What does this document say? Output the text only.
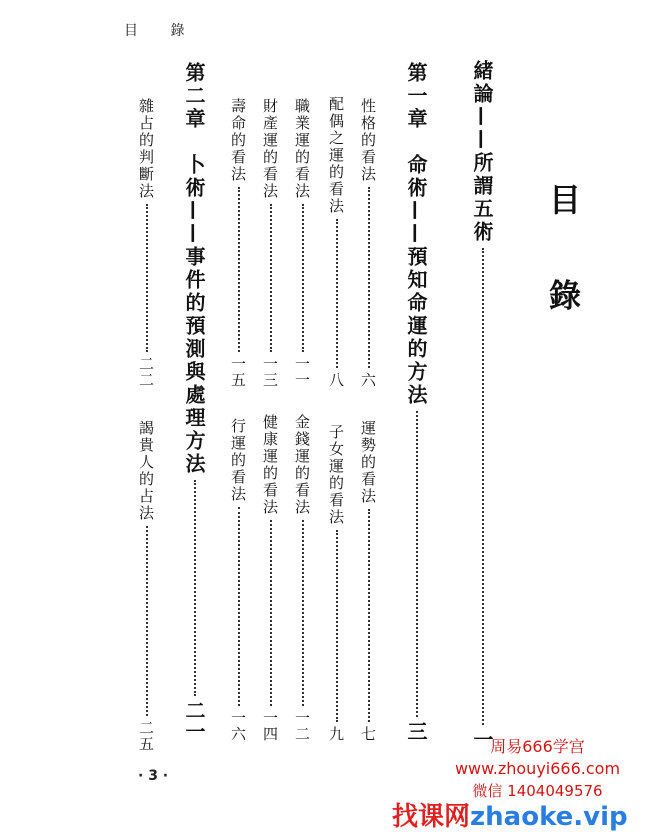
目 錄
目 錄
緒論——所謂五術
一
第一章　命術——預知命運的方法
三
性格的看法
六
運勢的看法
七
配偶之運的看法
八
子女運的看法
九
職業運的看法
一一
金錢運的看法
一二
財產運的看法
一三
健康運的看法
一四
壽命的看法
一五
行運的看法
一六
第二章　卜術——事件的預測與處理方法
二一
雜占的判斷法
二二
謁貴人的占法
二五
· 3 ·
周易666学宫
www.zhouyi666.com
微信 1404049576
找课网zhaoke.vip
